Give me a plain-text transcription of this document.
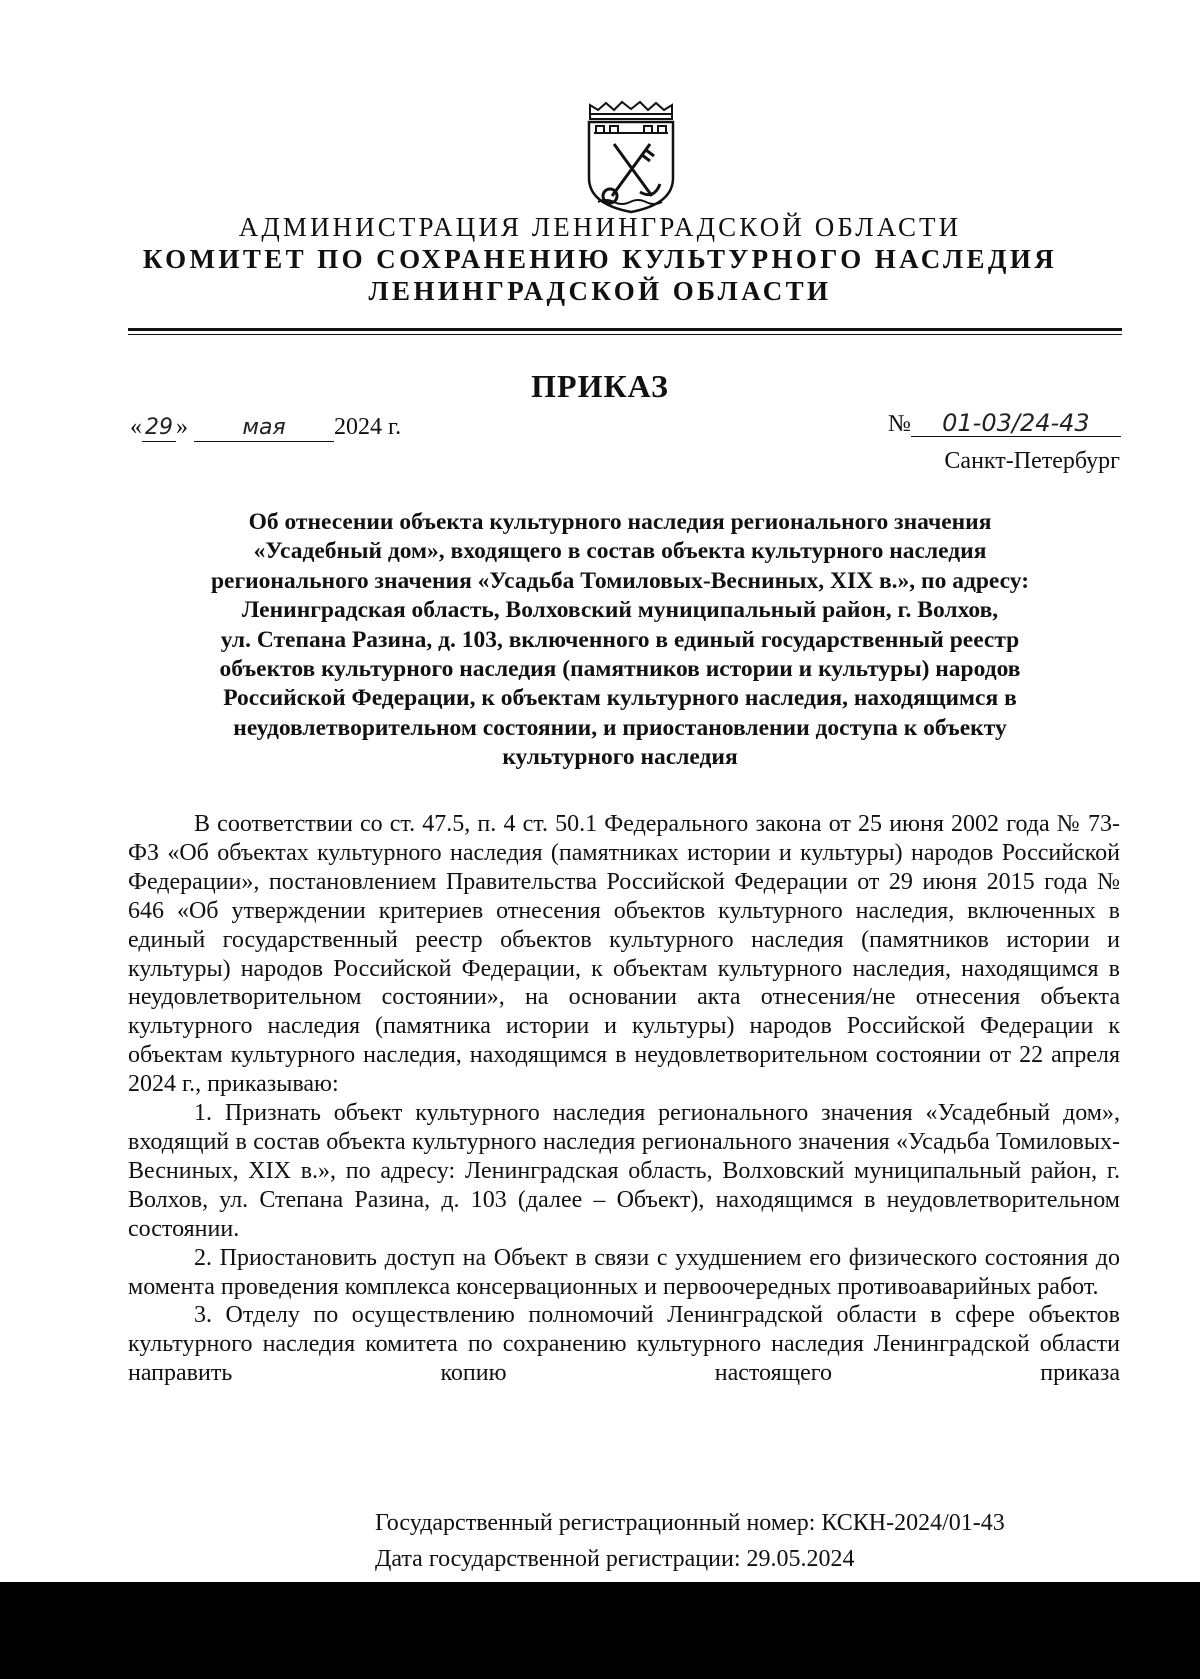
АДМИНИСТРАЦИЯ ЛЕНИНГРАДСКОЙ ОБЛАСТИ
КОМИТЕТ ПО СОХРАНЕНИЮ КУЛЬТУРНОГО НАСЛЕДИЯ
ЛЕНИНГРАДСКОЙ ОБЛАСТИ
ПРИКАЗ
« 29 » мая 2024 г.	№ 01-03/24-43
Санкт-Петербург
Об отнесении объекта культурного наследия регионального значения
«Усадебный дом», входящего в состав объекта культурного наследия
регионального значения «Усадьба Томиловых-Весниных, XIX в.», по адресу:
Ленинградская область, Волховский муниципальный район, г. Волхов,
ул. Степана Разина, д. 103, включенного в единый государственный реестр
объектов культурного наследия (памятников истории и культуры) народов
Российской Федерации, к объектам культурного наследия, находящимся в
неудовлетворительном состоянии, и приостановлении доступа к объекту
культурного наследия

В соответствии со ст. 47.5, п. 4 ст. 50.1 Федерального закона от 25 июня 2002 года № 73-ФЗ «Об объектах культурного наследия (памятниках истории и культуры) народов Российской Федерации», постановлением Правительства Российской Федерации от 29 июня 2015 года № 646 «Об утверждении критериев отнесения объектов культурного наследия, включенных в единый государственный реестр объектов культурного наследия (памятников истории и культуры) народов Российской Федерации, к объектам культурного наследия, находящимся в неудовлетворительном состоянии», на основании акта отнесения/не отнесения объекта культурного наследия (памятника истории и культуры) народов Российской Федерации к объектам культурного наследия, находящимся в неудовлетворительном состоянии от 22 апреля 2024 г., приказываю:

1. Признать объект культурного наследия регионального значения «Усадебный дом», входящий в состав объекта культурного наследия регионального значения «Усадьба Томиловых-Весниных, XIX в.», по адресу: Ленинградская область, Волховский муниципальный район, г. Волхов, ул. Степана Разина, д. 103 (далее – Объект), находящимся в неудовлетворительном состоянии.

2. Приостановить доступ на Объект в связи с ухудшением его физического состояния до момента проведения комплекса консервационных и первоочередных противоаварийных работ.

3. Отделу по осуществлению полномочий Ленинградской области в сфере объектов культурного наследия комитета по сохранению культурного наследия Ленинградской области направить копию настоящего приказа

Государственный регистрационный номер: КСКН-2024/01-43
Дата государственной регистрации: 29.05.2024
